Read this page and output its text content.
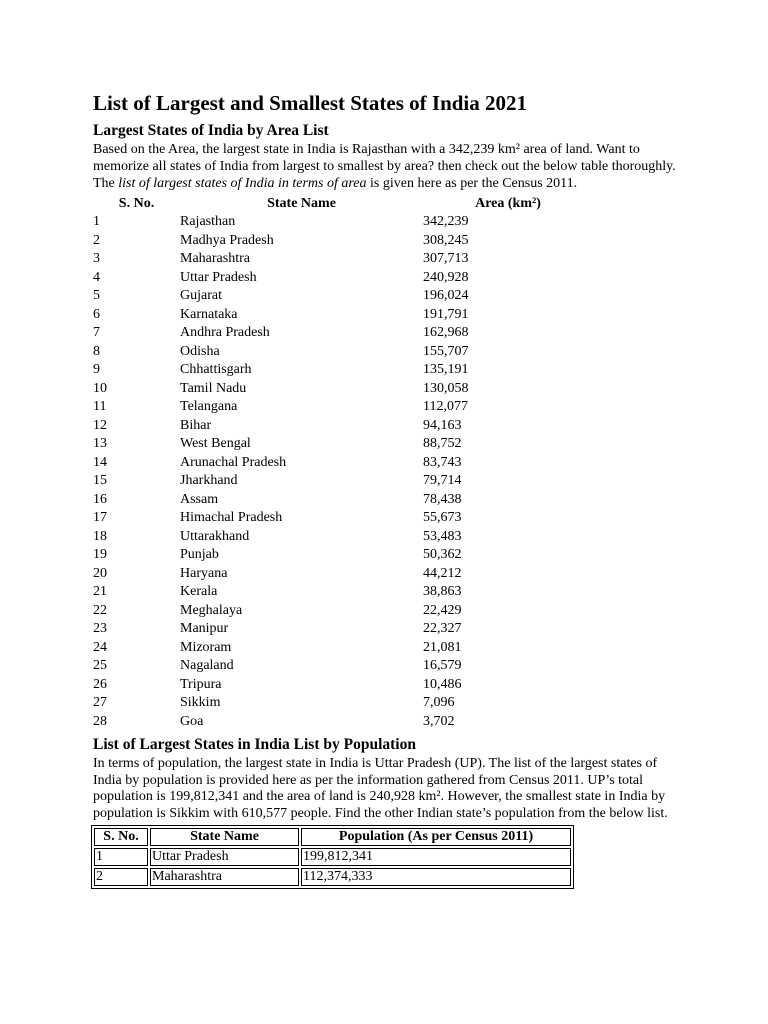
List of Largest and Smallest States of India 2021
Largest States of India by Area List

Based on the Area, the largest state in India is Rajasthan with a 342,239 km² area of land. Want to memorize all states of India from largest to smallest by area? then check out the below table thoroughly. The list of largest states of India in terms of area is given here as per the Census 2011.

S. No.	State Name	Area (km²)
1	Rajasthan	342,239
2	Madhya Pradesh	308,245
3	Maharashtra	307,713
4	Uttar Pradesh	240,928
5	Gujarat	196,024
6	Karnataka	191,791
7	Andhra Pradesh	162,968
8	Odisha	155,707
9	Chhattisgarh	135,191
10	Tamil Nadu	130,058
11	Telangana	112,077
12	Bihar	94,163
13	West Bengal	88,752
14	Arunachal Pradesh	83,743
15	Jharkhand	79,714
16	Assam	78,438
17	Himachal Pradesh	55,673
18	Uttarakhand	53,483
19	Punjab	50,362
20	Haryana	44,212
21	Kerala	38,863
22	Meghalaya	22,429
23	Manipur	22,327
24	Mizoram	21,081
25	Nagaland	16,579
26	Tripura	10,486
27	Sikkim	7,096
28	Goa	3,702
List of Largest States in India List by Population

In terms of population, the largest state in India is Uttar Pradesh (UP). The list of the largest states of India by population is provided here as per the information gathered from Census 2011. UP’s total population is 199,812,341 and the area of land is 240,928 km². However, the smallest state in India by population is Sikkim with 610,577 people. Find the other Indian state’s population from the below list.

S. No.	State Name	Population (As per Census 2011)
1	Uttar Pradesh	199,812,341
2	Maharashtra	112,374,333
